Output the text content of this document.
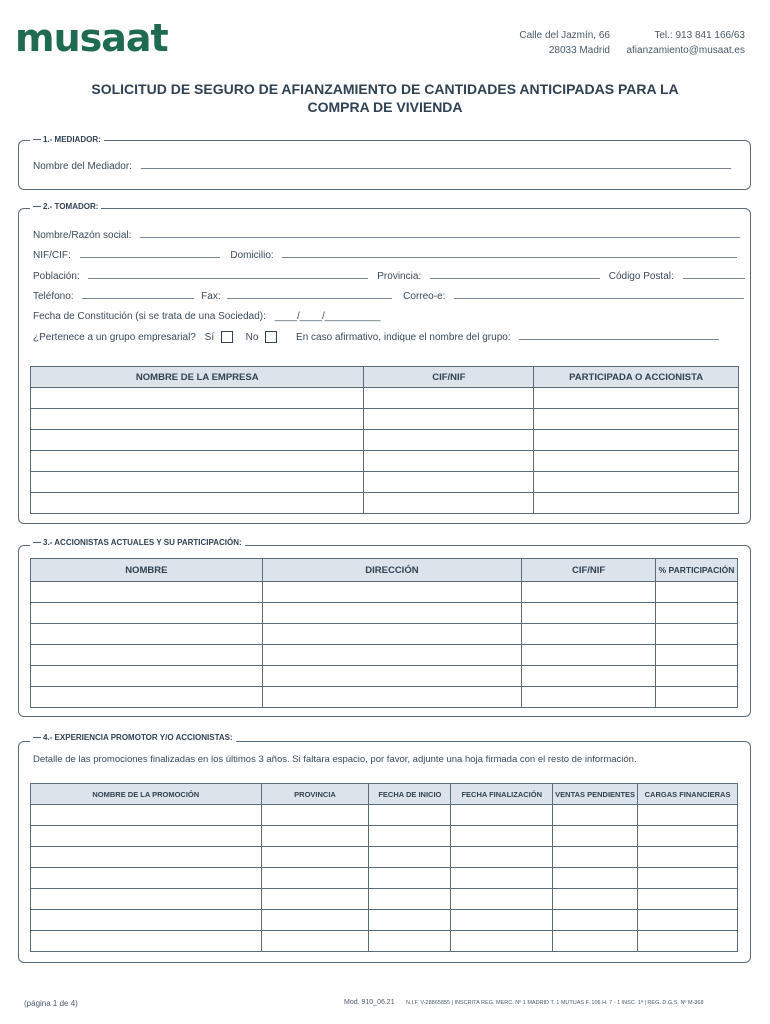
musaat	Calle del Jazmín, 66
28033 Madrid
Tel.: 913 841 166/63
afianzamiento@musaat.es
SOLICITUD DE SEGURO DE AFIANZAMIENTO DE CANTIDADES ANTICIPADAS PARA LA
COMPRA DE VIVIENDA
— 1.- MEDIADOR:
Nombre del Mediador:
— 2.- TOMADOR:
Nombre/Razón social:
NIF/CIF:	Domicilio:
Población:	Provincia:	Código Postal:
Teléfono:	Fax:	Correo-e:
Fecha de Constitución (si se trata de una Sociedad): ____/____/__________
¿Pertenece a un grupo empresarial? Sí	No	En caso afirmativo, indique el nombre del grupo:
NOMBRE DE LA EMPRESA	CIF/NIF	PARTICIPADA O ACCIONISTA

— 3.- ACCIONISTAS ACTUALES Y SU PARTICIPACIÓN:
NOMBRE	DIRECCIÓN	CIF/NIF	% PARTICIPACIÓN

— 4.- EXPERIENCIA PROMOTOR Y/O ACCIONISTAS:
Detalle de las promociones finalizadas en los últimos 3 años. Si faltara espacio, por favor, adjunte una hoja firmada con el resto de información.
NOMBRE DE LA PROMOCIÓN	PROVINCIA	FECHA DE INICIO	FECHA FINALIZACIÓN	VENTAS PENDIENTES	CARGAS FINANCIERAS

(página 1 de 4)	Mod. 910_06.21 N.I.F. V-28865855 | INSCRITA REG. MERC. Nº 1 MADRID T. 1 MUTUAS F. 106 H. 7 - 1 INSC. 1ª | REG. D.G.S. Nº M-368
